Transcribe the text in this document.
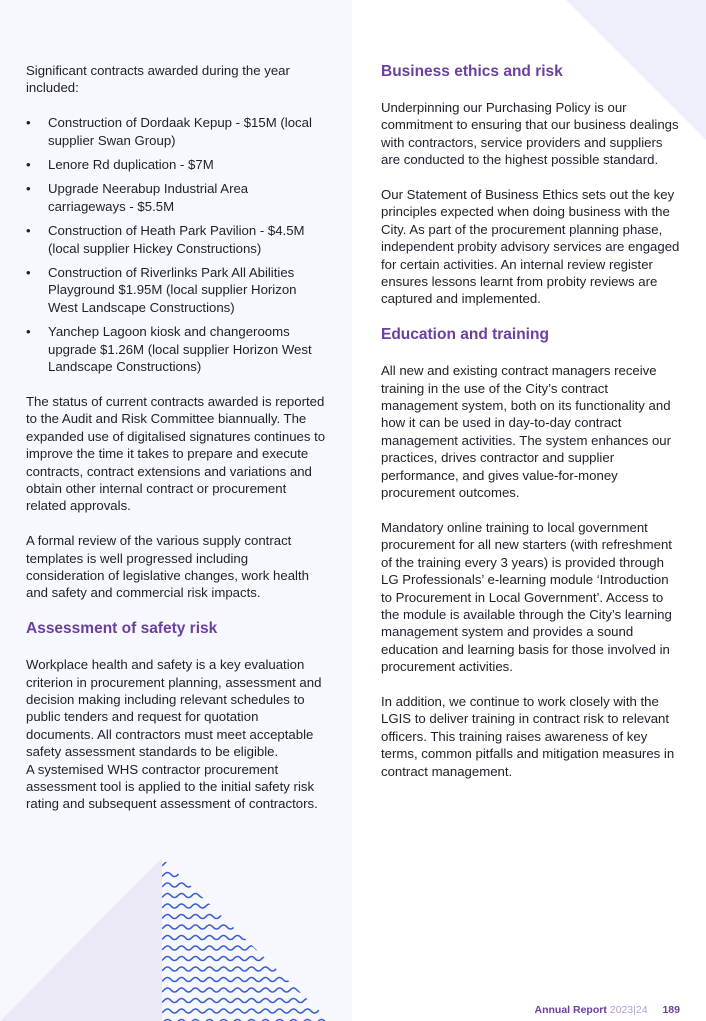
Significant contracts awarded during the year included:

• Construction of Dordaak Kepup - $15M (local supplier Swan Group)
• Lenore Rd duplication - $7M
• Upgrade Neerabup Industrial Area carriageways - $5.5M
• Construction of Heath Park Pavilion - $4.5M (local supplier Hickey Constructions)
• Construction of Riverlinks Park All Abilities Playground $1.95M (local supplier Horizon West Landscape Constructions)
• Yanchep Lagoon kiosk and changerooms upgrade $1.26M (local supplier Horizon West Landscape Constructions)

The status of current contracts awarded is reported to the Audit and Risk Committee biannually. The expanded use of digitalised signatures continues to improve the time it takes to prepare and execute contracts, contract extensions and variations and obtain other internal contract or procurement related approvals.

A formal review of the various supply contract templates is well progressed including consideration of legislative changes, work health and safety and commercial risk impacts.

Assessment of safety risk
Workplace health and safety is a key evaluation criterion in procurement planning, assessment and decision making including relevant schedules to public tenders and request for quotation documents. All contractors must meet acceptable safety assessment standards to be eligible.
A systemised WHS contractor procurement assessment tool is applied to the initial safety risk rating and subsequent assessment of contractors.
Business ethics and risk

Underpinning our Purchasing Policy is our commitment to ensuring that our business dealings with contractors, service providers and suppliers are conducted to the highest possible standard.

Our Statement of Business Ethics sets out the key principles expected when doing business with the City. As part of the procurement planning phase, independent probity advisory services are engaged for certain activities. An internal review register ensures lessons learnt from probity reviews are captured and implemented.

Education and training

All new and existing contract managers receive training in the use of the City’s contract management system, both on its functionality and how it can be used in day-to-day contract management activities. The system enhances our practices, drives contractor and supplier performance, and gives value-for-money procurement outcomes.

Mandatory online training to local government procurement for all new starters (with refreshment of the training every 3 years) is provided through LG Professionals’ e-learning module ‘Introduction to Procurement in Local Government’. Access to the module is available through the City’s learning management system and provides a sound education and learning basis for those involved in procurement activities.

In addition, we continue to work closely with the LGIS to deliver training in contract risk to relevant officers. This training raises awareness of key terms, common pitfalls and mitigation measures in contract management.

Annual Report 2023|24 189
